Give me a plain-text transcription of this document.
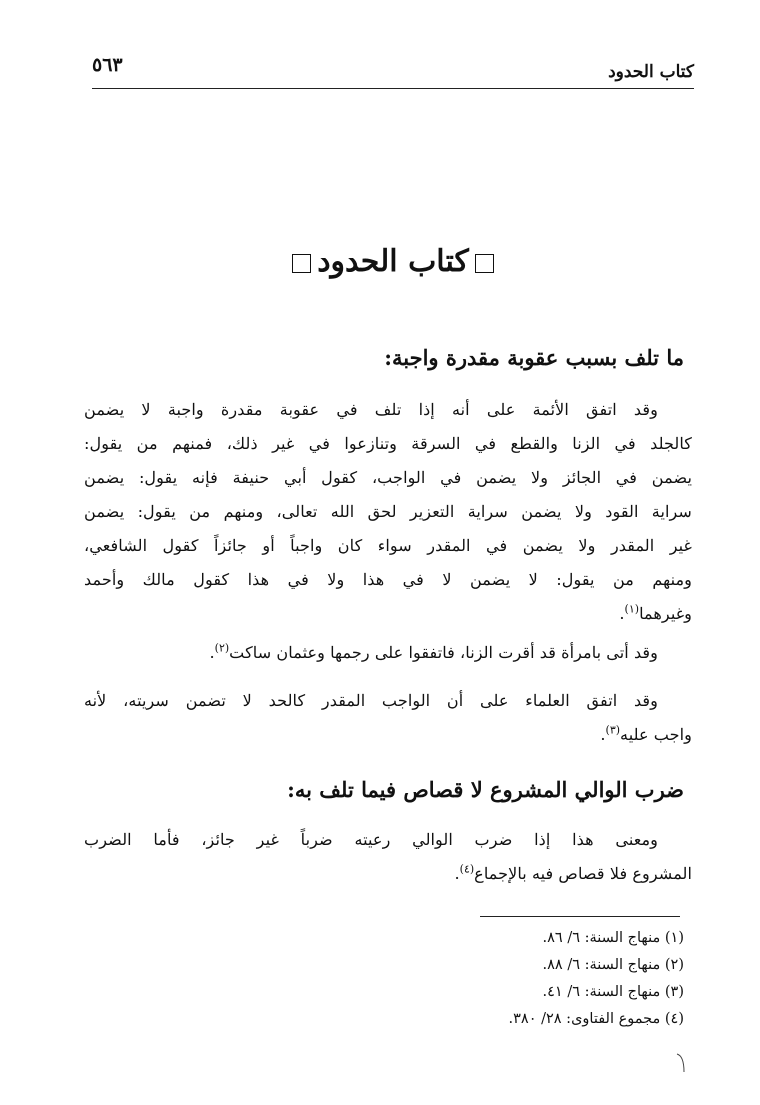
كتاب الحدود
٥٦٣
كتاب الحدود
ما تلف بسبب عقوبة مقدرة واجبة:
وقد اتفق الأئمة على أنه إذا تلف في عقوبة مقدرة واجبة لا يضمن
كالجلد في الزنا والقطع في السرقة وتنازعوا في غير ذلك، فمنهم من يقول:
يضمن في الجائز ولا يضمن في الواجب، كقول أبي حنيفة فإنه يقول: يضمن
سراية القود ولا يضمن سراية التعزير لحق الله تعالى، ومنهم من يقول: يضمن
غير المقدر ولا يضمن في المقدر سواء كان واجباً أو جائزاً كقول الشافعي،
ومنهم من يقول: لا يضمن لا في هذا ولا في هذا كقول مالك وأحمد
وغيرهما$^{(١)}$.
وقد أتى بامرأة قد أقرت الزنا، فاتفقوا على رجمها وعثمان ساكت$^{(٢)}$.
وقد اتفق العلماء على أن الواجب المقدر كالحد لا تضمن سريته، لأنه
واجب عليه$^{(٣)}$.
ضرب الوالي المشروع لا قصاص فيما تلف به:
ومعنى هذا إذا ضرب الوالي رعيته ضرباً غير جائز، فأما الضرب
المشروع فلا قصاص فيه بالإجماع$^{(٤)}$.
(١) منهاج السنة: ٦/ ٨٦.
(٢) منهاج السنة: ٦/ ٨٨.
(٣) منهاج السنة: ٦/ ٤١.
(٤) مجموع الفتاوى: ٢٨/ ٣٨٠.
